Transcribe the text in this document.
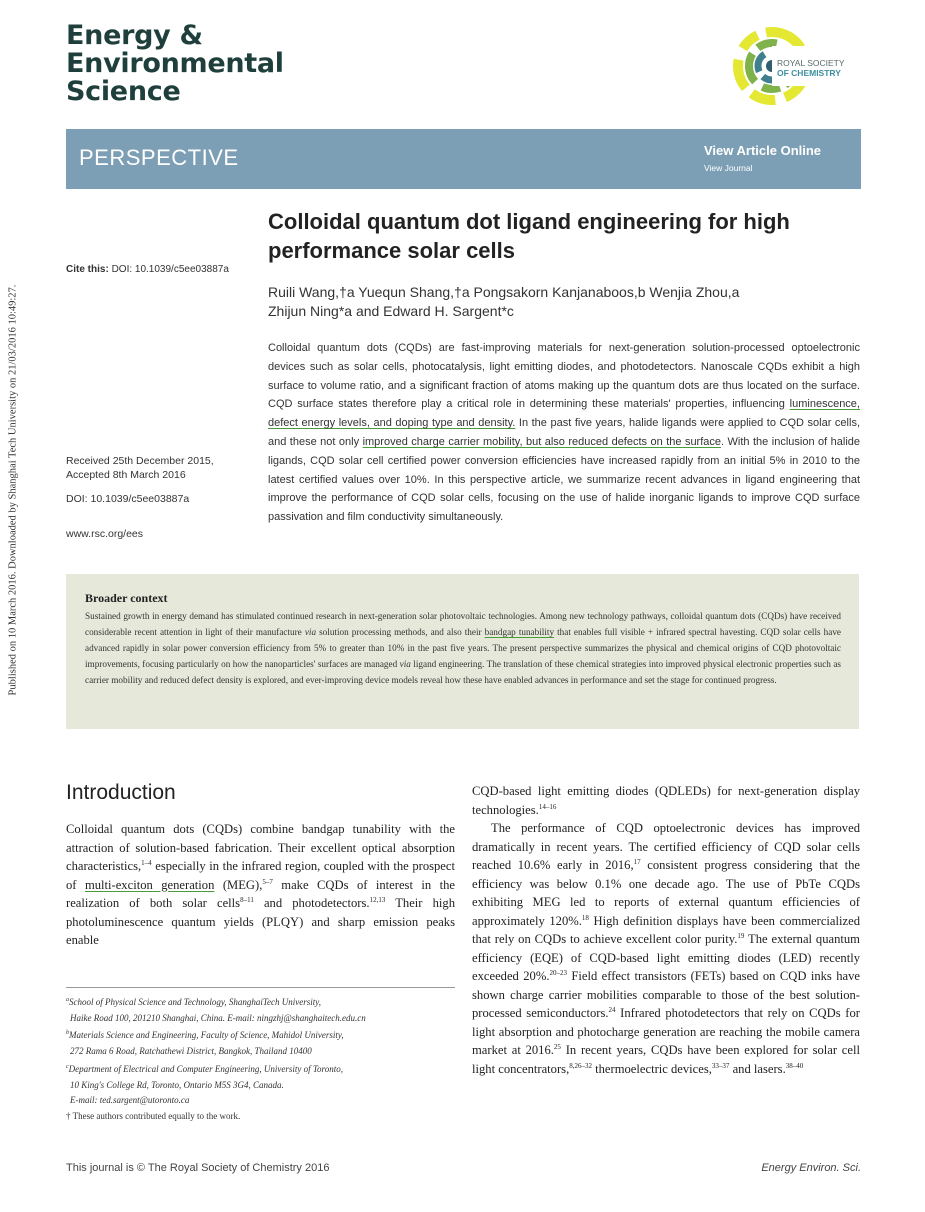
Energy &
Environmental
Science
ROYAL SOCIETY
OF CHEMISTRY
PERSPECTIVE	View Article Online
View Journal
Published on 10 March 2016. Downloaded by Shanghai Tech University on 21/03/2016 10:49:27.
Cite this: DOI: 10.1039/c5ee03887a
Colloidal quantum dot ligand engineering for high performance solar cells
Ruili Wang,†a Yuequn Shang,†a Pongsakorn Kanjanaboos,b Wenjia Zhou,a
Zhijun Ning*a and Edward H. Sargent*c
Colloidal quantum dots (CQDs) are fast-improving materials for next-generation solution-processed optoelectronic devices such as solar cells, photocatalysis, light emitting diodes, and photodetectors. Nanoscale CQDs exhibit a high surface to volume ratio, and a significant fraction of atoms making up the quantum dots are thus located on the surface. CQD surface states therefore play a critical role in determining these materials' properties, influencing luminescence, defect energy levels, and doping type and density. In the past five years, halide ligands were applied to CQD solar cells, and these not only improved charge carrier mobility, but also reduced defects on the surface. With the inclusion of halide ligands, CQD solar cell certified power conversion efficiencies have increased rapidly from an initial 5% in 2010 to the latest certified values over 10%. In this perspective article, we summarize recent advances in ligand engineering that improve the performance of CQD solar cells, focusing on the use of halide inorganic ligands to improve CQD surface passivation and film conductivity simultaneously.
Received 25th December 2015,
Accepted 8th March 2016
DOI: 10.1039/c5ee03887a
www.rsc.org/ees
Broader context
Sustained growth in energy demand has stimulated continued research in next-generation solar photovoltaic technologies. Among new technology pathways, colloidal quantum dots (CQDs) have received considerable recent attention in light of their manufacture via solution processing methods, and also their bandgap tunability that enables full visible + infrared spectral havesting. CQD solar cells have advanced rapidly in solar power conversion efficiency from 5% to greater than 10% in the past five years. The present perspective summarizes the physical and chemical origins of CQD photovoltaic improvements, focusing particularly on how the nanoparticles' surfaces are managed via ligand engineering. The translation of these chemical strategies into improved physical electronic properties such as carrier mobility and reduced defect density is explored, and ever-improving device models reveal how these have enabled advances in performance and set the stage for continued progress.
Introduction

Colloidal quantum dots (CQDs) combine bandgap tunability with the attraction of solution-based fabrication. Their excellent optical absorption characteristics,$^{1-4}$ especially in the infrared region, coupled with the prospect of multi-exciton generation (MEG),$^{5-7}$ make CQDs of interest in the realization of both solar cells$^{8-11}$ and photodetectors.$^{12,13}$ Their high photoluminescence quantum yields (PLQY) and sharp emission peaks enable

$^a$School of Physical Science and Technology, ShanghaiTech University,
Haike Road 100, 201210 Shanghai, China. E-mail: ningzhj@shanghaitech.edu.cn
$^b$Materials Science and Engineering, Faculty of Science, Mahidol University,
272 Rama 6 Road, Ratchathewi District, Bangkok, Thailand 10400
$^c$Department of Electrical and Computer Engineering, University of Toronto,
10 King's College Rd, Toronto, Ontario M5S 3G4, Canada.
E-mail: ted.sargent@utoronto.ca
† These authors contributed equally to the work.

CQD-based light emitting diodes (QDLEDs) for next-generation display technologies.$^{14-16}$

The performance of CQD optoelectronic devices has improved dramatically in recent years. The certified efficiency of CQD solar cells reached 10.6% early in 2016,17 consistent progress considering that the efficiency was below 0.1% one decade ago. The use of PbTe CQDs exhibiting MEG led to reports of external quantum efficiencies of approximately 120%.$^{18}$ High definition displays have been commercialized that rely on CQDs to achieve excellent color purity.$^{19}$ The external quantum efficiency (EQE) of CQD-based light emitting diodes (LED) recently exceeded 20%.$^{20-23}$ Field effect transistors (FETs) based on CQD inks have shown charge carrier mobilities comparable to those of the best solution-processed semiconductors.$^{24}$ Infrared photodetectors that rely on CQDs for light absorption and photocharge generation are reaching the mobile camera market at 2016.25 In recent years, CQDs have been explored for solar cell light concentrators,$^{8,26-32}$ thermoelectric devices,$^{33-37}$ and lasers.$^{38-40}$

This journal is © The Royal Society of Chemistry 2016	Energy Environ. Sci.
